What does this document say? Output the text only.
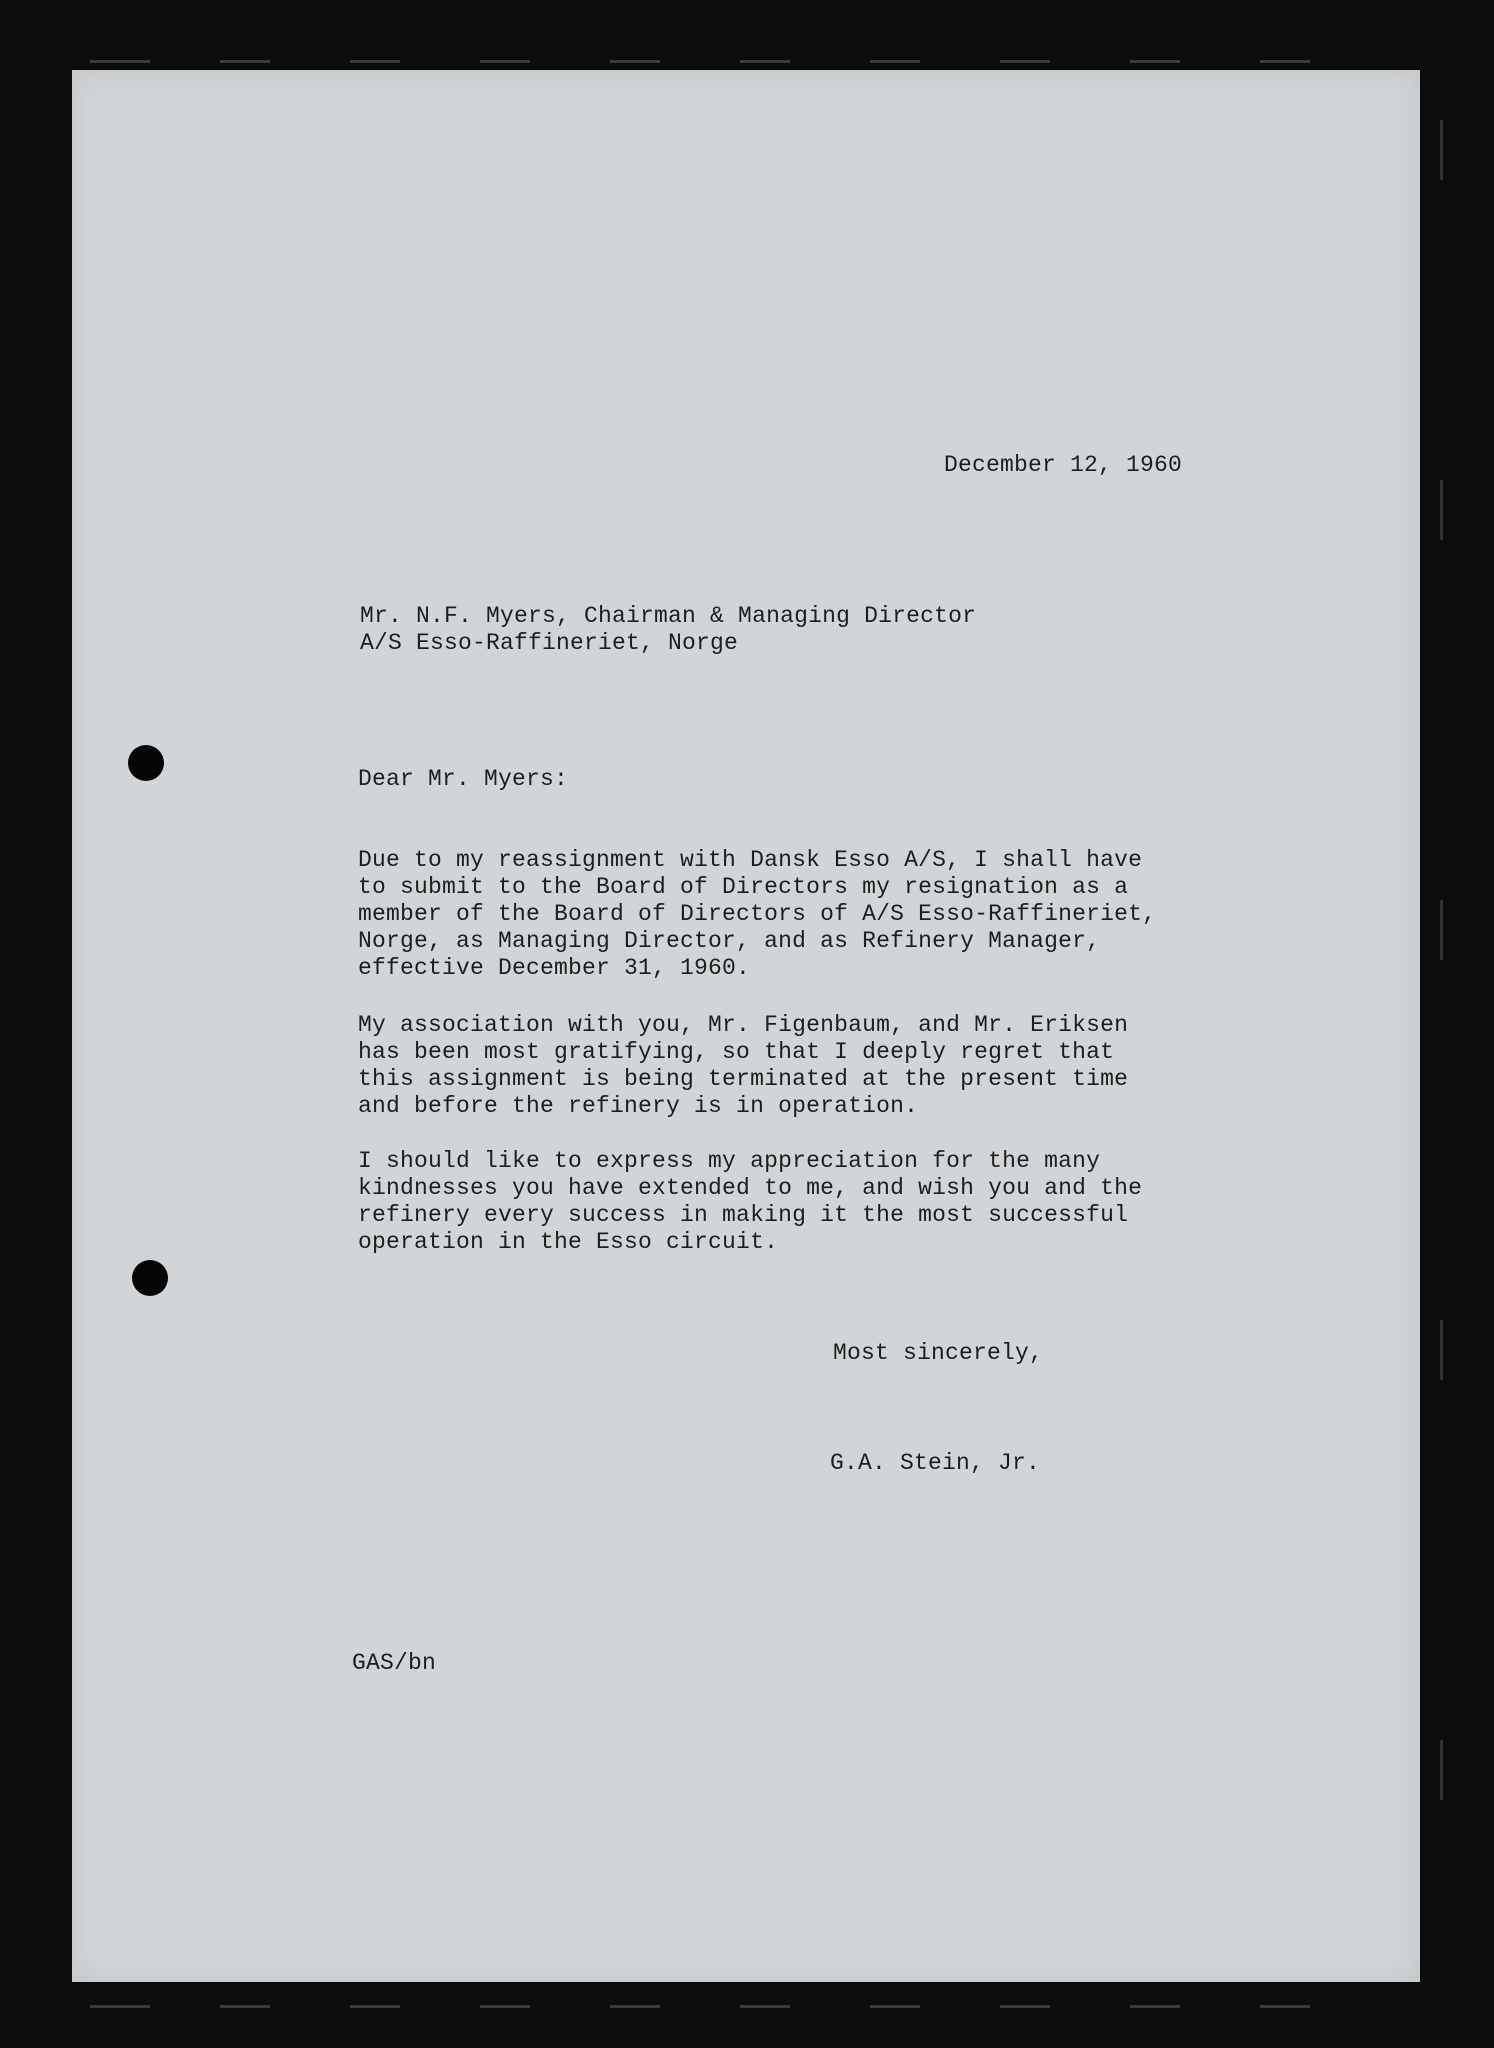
December 12, 1960
Mr. N.F. Myers, Chairman & Managing Director
A/S Esso-Raffineriet, Norge
Dear Mr. Myers:
Due to my reassignment with Dansk Esso A/S, I shall have
to submit to the Board of Directors my resignation as a
member of the Board of Directors of A/S Esso-Raffineriet,
Norge, as Managing Director, and as Refinery Manager,
effective December 31, 1960.
My association with you, Mr. Figenbaum, and Mr. Eriksen
has been most gratifying, so that I deeply regret that
this assignment is being terminated at the present time
and before the refinery is in operation.
I should like to express my appreciation for the many
kindnesses you have extended to me, and wish you and the
refinery every success in making it the most successful
operation in the Esso circuit.
Most sincerely,
G.A. Stein, Jr.
GAS/bn
